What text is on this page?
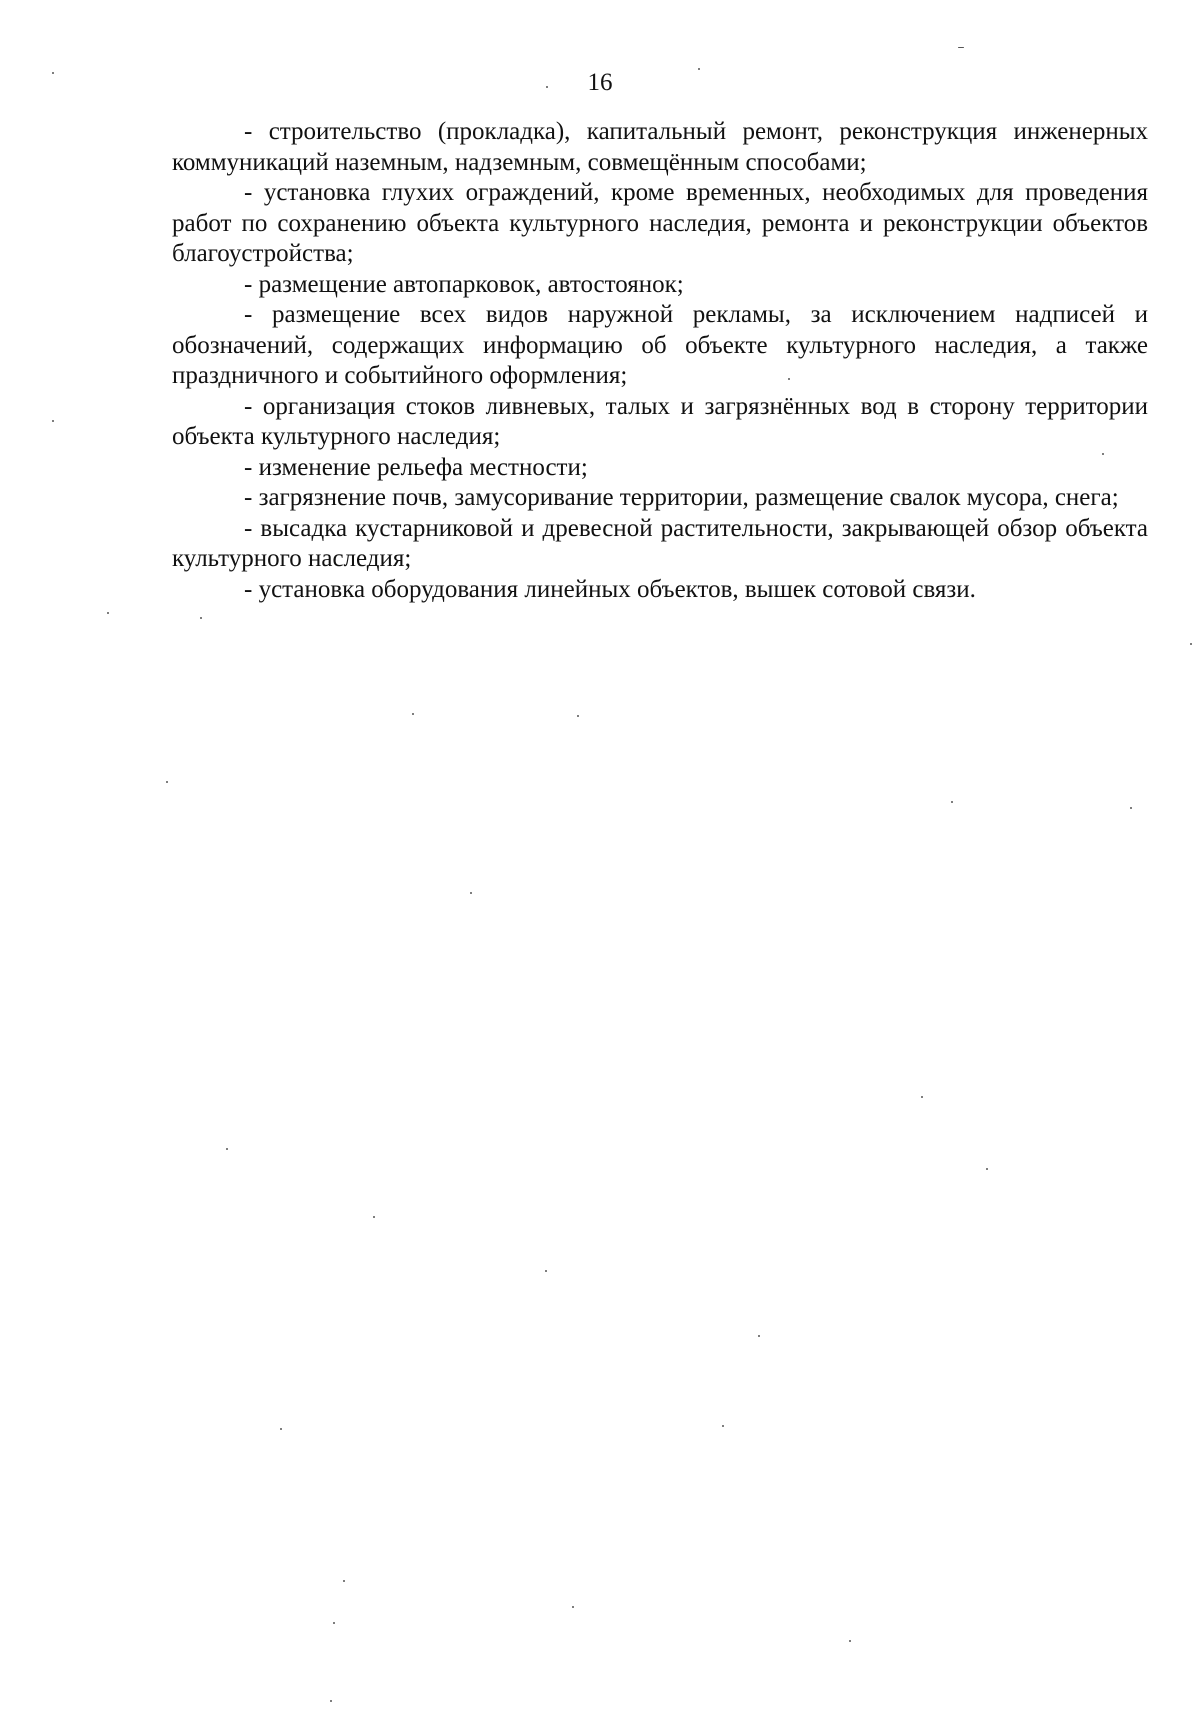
16

- строительство (прокладка), капитальный ремонт, реконструкция инженерных коммуникаций наземным, надземным, совмещённым способами;

- установка глухих ограждений, кроме временных, необходимых для проведения работ по сохранению объекта культурного наследия, ремонта и реконструкции объектов благоустройства;

- размещение автопарковок, автостоянок;

- размещение всех видов наружной рекламы, за исключением надписей и обозначений, содержащих информацию об объекте культурного наследия, а также праздничного и событийного оформления;

- организация стоков ливневых, талых и загрязнённых вод в сторону территории объекта культурного наследия;

- изменение рельефа местности;

- загрязнение почв, замусоривание территории, размещение свалок мусора, снега;

- высадка кустарниковой и древесной растительности, закрывающей обзор объекта культурного наследия;

- установка оборудования линейных объектов, вышек сотовой связи.
